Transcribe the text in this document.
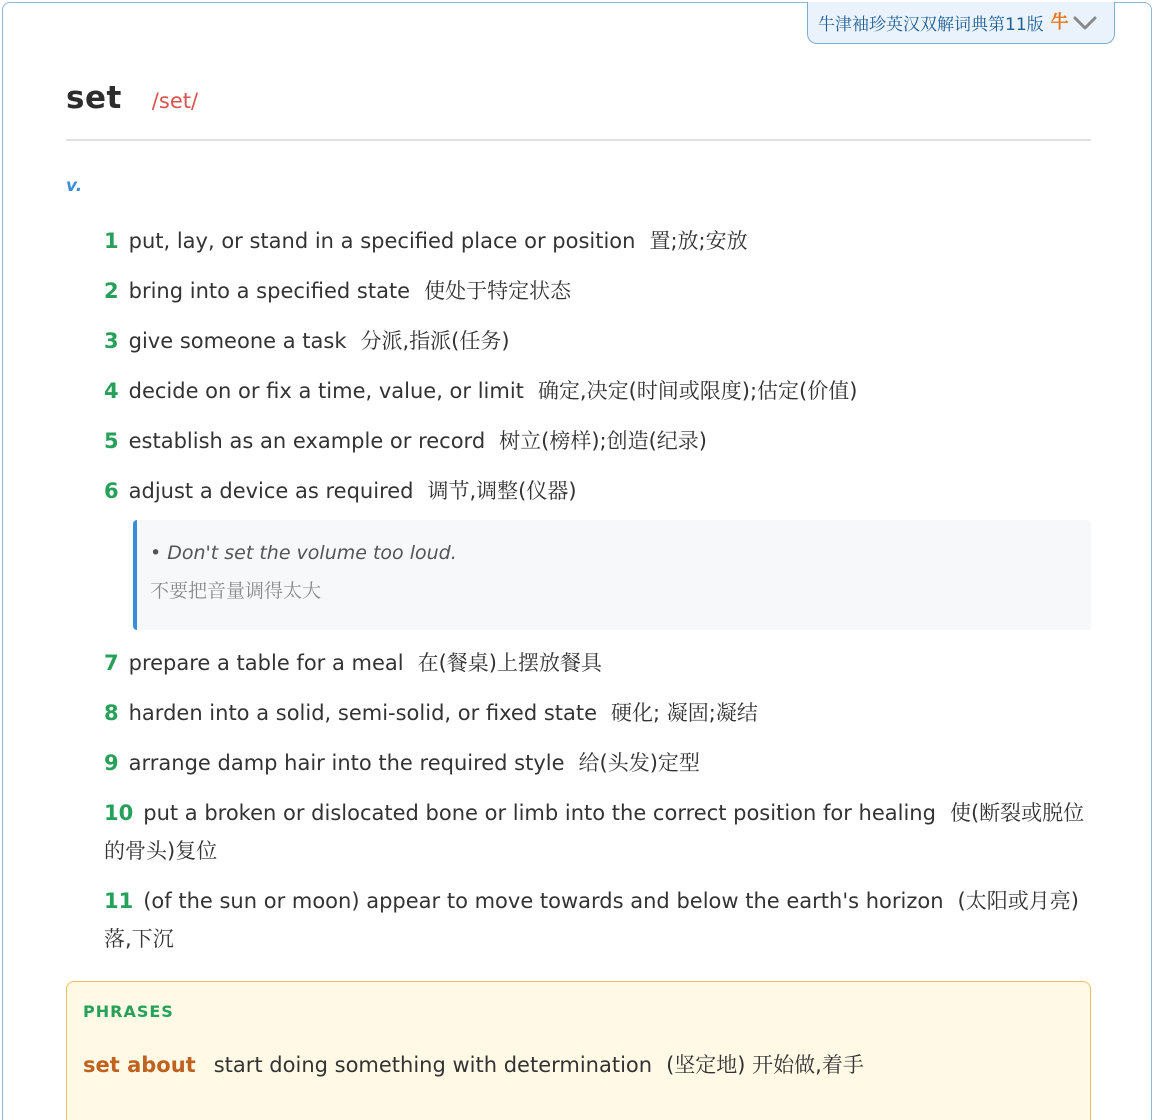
牛津袖珍英汉双解词典第11版 牛
set /set/
v.
1 put, lay, or stand in a specified place or position 置;放;安放
2 bring into a specified state 使处于特定状态
3 give someone a task 分派,指派(任务)
4 decide on or fix a time, value, or limit 确定,决定(时间或限度);估定(价值)
5 establish as an example or record 树立(榜样);创造(纪录)
6 adjust a device as required 调节,调整(仪器)
• Don't set the volume too loud.
不要把音量调得太大
7 prepare a table for a meal 在(餐桌)上摆放餐具
8 harden into a solid, semi-solid, or fixed state 硬化; 凝固;凝结
9 arrange damp hair into the required style 给(头发)定型
10 put a broken or dislocated bone or limb into the correct position for healing 使(断裂或脱位的骨头)复位
11 (of the sun or moon) appear to move towards and below the earth's horizon (太阳或月亮)落,下沉
PHRASES
set about start doing something with determination (坚定地) 开始做,着手
